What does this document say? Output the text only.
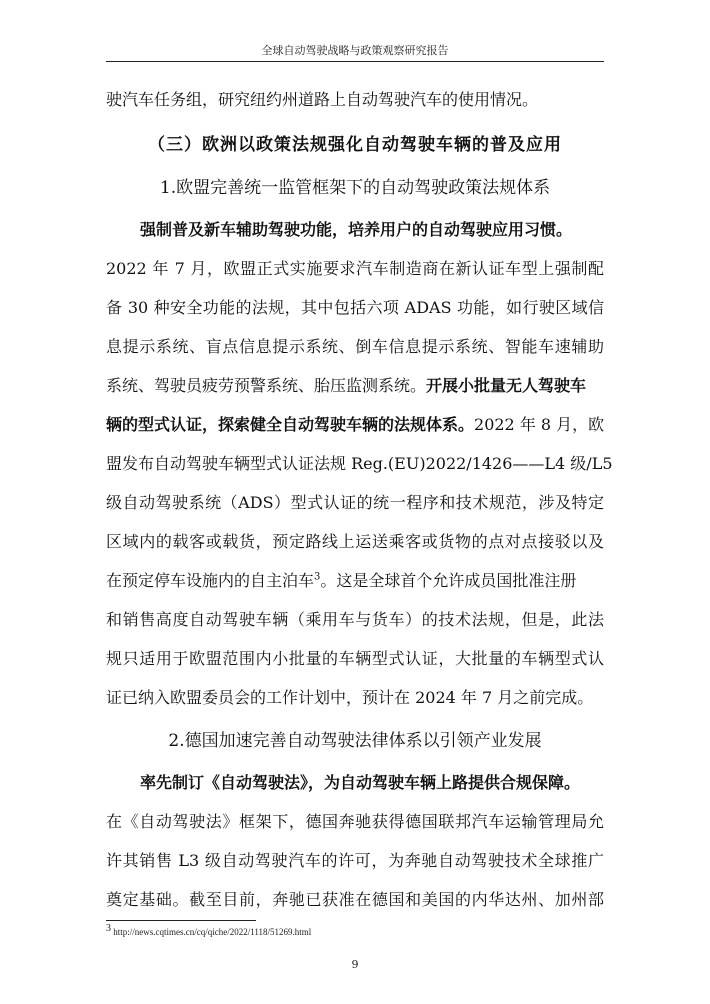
全球自动驾驶战略与政策观察研究报告
驶汽车任务组，研究纽约州道路上自动驾驶汽车的使用情况。
（三）欧洲以政策法规强化自动驾驶车辆的普及应用
1.欧盟完善统一监管框架下的自动驾驶政策法规体系
强制普及新车辅助驾驶功能，培养用户的自动驾驶应用习惯。
2022 年 7 月，欧盟正式实施要求汽车制造商在新认证车型上强制配
备 30 种安全功能的法规，其中包括六项 ADAS 功能，如行驶区域信
息提示系统、盲点信息提示系统、倒车信息提示系统、智能车速辅助
系统、驾驶员疲劳预警系统、胎压监测系统。开展小批量无人驾驶车
辆的型式认证，探索健全自动驾驶车辆的法规体系。2022 年 8 月，欧
盟发布自动驾驶车辆型式认证法规 Reg.(EU)2022/1426——L4 级/L5
级自动驾驶系统（ADS）型式认证的统一程序和技术规范，涉及特定
区域内的载客或载货，预定路线上运送乘客或货物的点对点接驳以及
在预定停车设施内的自主泊车$^3$。这是全球首个允许成员国批准注册
和销售高度自动驾驶车辆（乘用车与货车）的技术法规，但是，此法
规只适用于欧盟范围内小批量的车辆型式认证，大批量的车辆型式认
证已纳入欧盟委员会的工作计划中，预计在 2024 年 7 月之前完成。
2.德国加速完善自动驾驶法律体系以引领产业发展
率先制订《自动驾驶法》，为自动驾驶车辆上路提供合规保障。
在《自动驾驶法》框架下，德国奔驰获得德国联邦汽车运输管理局允
许其销售 L3 级自动驾驶汽车的许可，为奔驰自动驾驶技术全球推广
奠定基础。截至目前，奔驰已获准在德国和美国的内华达州、加州部
$^3$ http://news.cqtimes.cn/cq/qiche/2022/1118/51269.html
9
